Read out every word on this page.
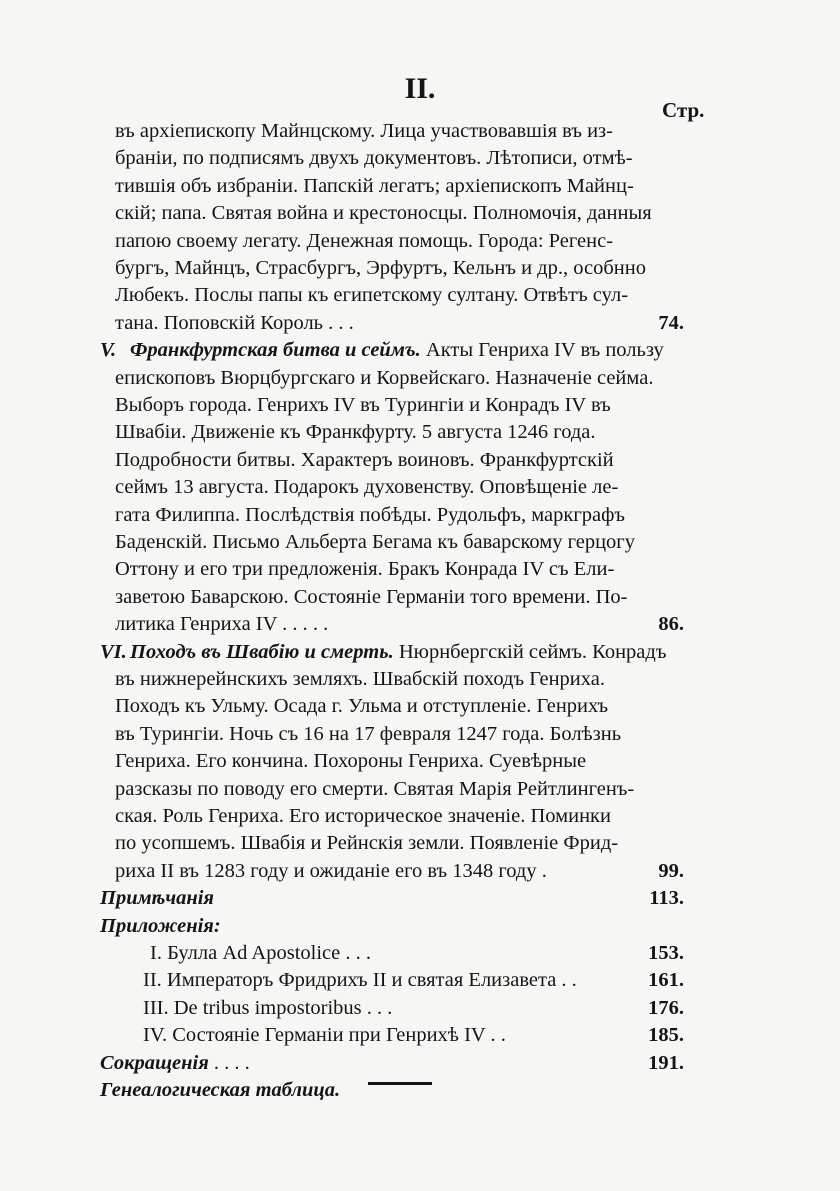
II.
Стр.
въ архіепископу Майнцскому. Лица участвовавшія въ из-
браніи, по подписямъ двухъ документовъ. Лѣтописи, отмѣ-
тившія объ избраніи. Папскій легатъ; архіепископъ Майнц-
скій; папа. Святая война и крестоносцы. Полномочія, данныя
папою своему легату. Денежная помощь. Города: Регенс-
бургъ, Майнцъ, Страсбургъ, Эрфуртъ, Кельнъ и др., особнно
Любекъ. Послы папы къ египетскому султану. Отвѣтъ сул-
тана. Поповскій Король . . .	74.
V. Франкфуртская битва и сеймъ. Акты Генриха IV въ пользу
епископовъ Вюрцбургскаго и Корвейскаго. Назначеніе сейма.
Выборъ города. Генрихъ IV въ Турингіи и Конрадъ IV въ
Швабіи. Движеніе къ Франкфурту. 5 августа 1246 года.
Подробности битвы. Характеръ воиновъ. Франкфуртскій
сеймъ 13 августа. Подарокъ духовенству. Оповѣщеніе ле-
гата Филиппа. Послѣдствія побѣды. Рудольфъ, маркграфъ
Баденскій. Письмо Альберта Бегама къ баварскому герцогу
Оттону и его три предложенія. Бракъ Конрада IV съ Ели-
заветою Баварскою. Состояніе Германіи того времени. По-
литика Генриха IV . . . . .	86.
VI. Походъ въ Швабію и смерть. Нюрнбергскій сеймъ. Конрадъ
въ нижнерейнскихъ земляхъ. Швабскій походъ Генриха.
Походъ къ Ульму. Осада г. Ульма и отступленіе. Генрихъ
въ Турингіи. Ночь съ 16 на 17 февраля 1247 года. Болѣзнь
Генриха. Его кончина. Похороны Генриха. Суевѣрные
разсказы по поводу его смерти. Святая Марія Рейтлингенъ-
ская. Роль Генриха. Его историческое значеніе. Поминки
по усопшемъ. Швабія и Рейнскія земли. Появленіе Фрид-
риха II въ 1283 году и ожиданіе его въ 1348 году .	99.
Примѣчанія	113.
Приложенія:
I. Булла Ad Apostolice . . .	153.
II. Императоръ Фридрихъ II и святая Елизавета . .	161.
III. De tribus impostoribus . . .	176.
IV. Состояніе Германіи при Генрихѣ IV . .	185.
Сокращенія . . . .	191.
Генеалогическая таблица.
